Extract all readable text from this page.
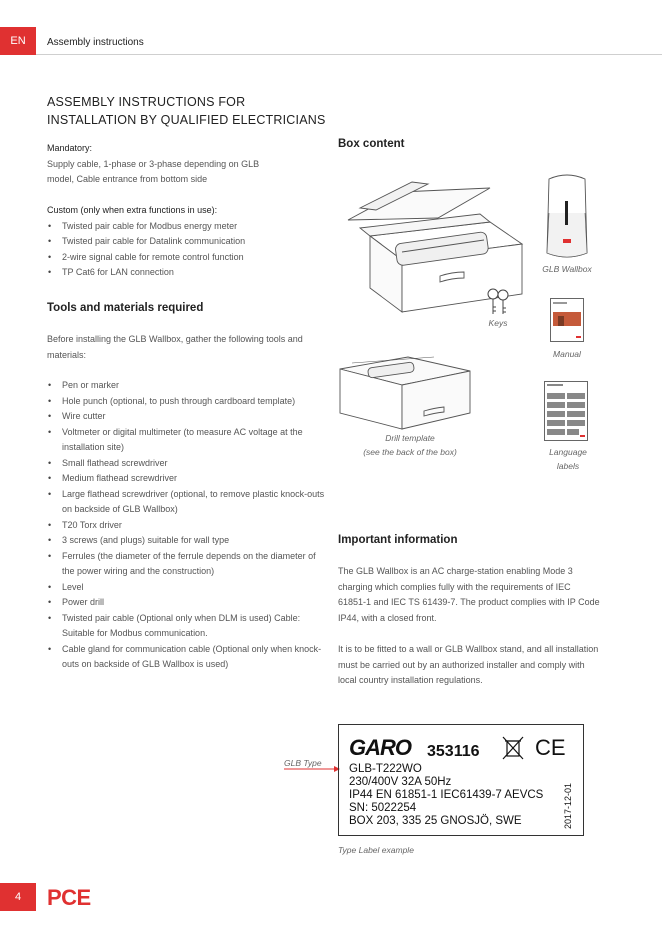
EN	Assembly instructions
ASSEMBLY INSTRUCTIONS FOR INSTALLATION BY QUALIFIED ELECTRICIANS
Mandatory:
Supply cable, 1-phase or 3-phase depending on GLB model, Cable entrance from bottom side
Custom (only when extra functions in use):
• Twisted pair cable for Modbus energy meter
• Twisted pair cable for Datalink communication
• 2-wire signal cable for remote control function
• TP Cat6 for LAN connection
Tools and materials required
Before installing the GLB Wallbox, gather the following tools and materials:
• Pen or marker
• Hole punch (optional, to push through cardboard template)
• Wire cutter
• Voltmeter or digital multimeter (to measure AC voltage at the installation site)
• Small flathead screwdriver
• Medium flathead screwdriver
• Large flathead screwdriver (optional, to remove plastic knock-outs on backside of GLB Wallbox)
• T20 Torx driver
• 3 screws (and plugs) suitable for wall type
• Ferrules (the diameter of the ferrule depends on the diameter of the power wiring and the construction)
• Level
• Power drill
• Twisted pair cable (Optional only when DLM is used) Cable: Suitable for Modbus communication.
• Cable gland for communication cable (Optional only when knock-outs on backside of GLB Wallbox is used)
Box content
GLB Wallbox
Keys
Manual
Drill template
(see the back of the box)	Language
labels
Important information
The GLB Wallbox is an AC charge-station enabling Mode 3 charging which complies fully with the requirements of IEC 61851-1 and IEC TS 61439-7. The product complies with IP Code IP44, with a closed front.
It is to be fitted to a wall or GLB Wallbox stand, and all installation must be carried out by an authorized installer and comply with local country installation regulations.
GLB Type
GARO 353116	CE
GLB-T222WO
230/400V 32A 50Hz
IP44 EN 61851-1 IEC61439-7 AEVCS
SN: 5022254
BOX 203, 335 25 GNOSJÖ, SWE	2017-12-01
Type Label example
4	PCE
